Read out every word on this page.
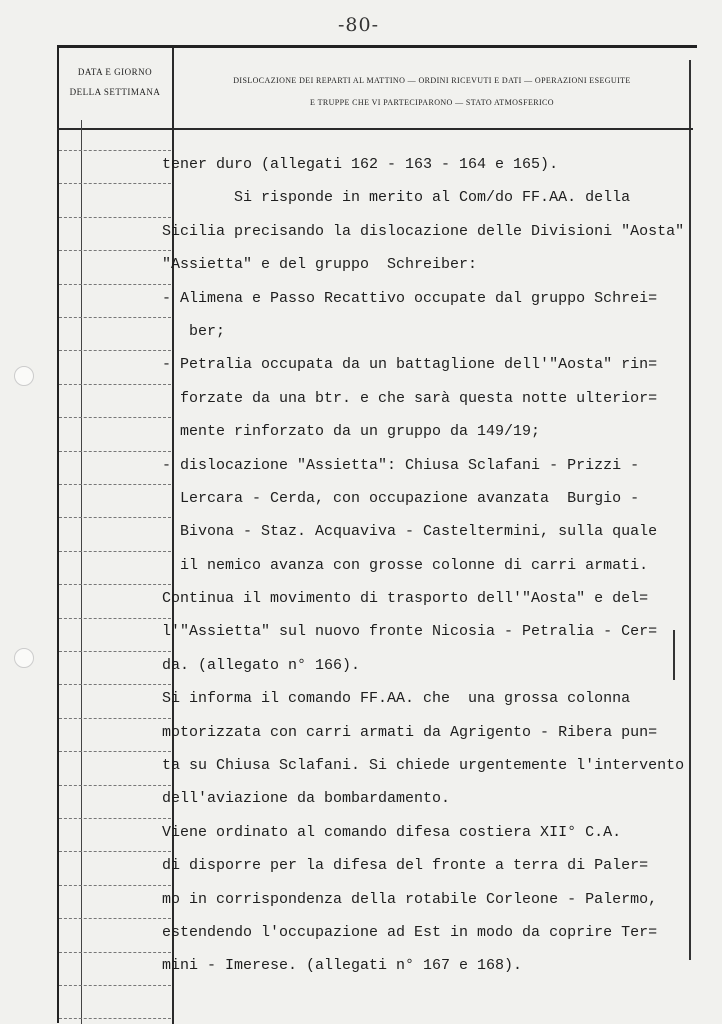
-80-
DATA E GIORNO
DELLA SETTIMANA
DISLOCAZIONE DEI REPARTI AL MATTINO — ORDINI RICEVUTI E DATI — OPERAZIONI ESEGUITE
E TRUPPE CHE VI PARTECIPARONO — STATO ATMOSFERICO
tener duro (allegati 162 - 163 - 164 e 165).
Si risponde in merito al Com/do FF.AA. della
Sicilia precisando la dislocazione delle Divisioni "Aosta"
"Assietta" e del gruppo  Schreiber:
- Alimena e Passo Recattivo occupate dal gruppo Schrei=
ber;
- Petralia occupata da un battaglione dell'"Aosta" rin=
forzate da una btr. e che sarà questa notte ulterior=
mente rinforzato da un gruppo da 149/19;
- dislocazione "Assietta": Chiusa Sclafani - Prizzi -
Lercara - Cerda, con occupazione avanzata  Burgio -
Bivona - Staz. Acquaviva - Casteltermini, sulla quale
il nemico avanza con grosse colonne di carri armati.
Continua il movimento di trasporto dell'"Aosta" e del=
l'"Assietta" sul nuovo fronte Nicosia - Petralia - Cer=
da. (allegato n° 166).
Si informa il comando FF.AA. che  una grossa colonna
motorizzata con carri armati da Agrigento - Ribera pun=
ta su Chiusa Sclafani. Si chiede urgentemente l'intervento
dell'aviazione da bombardamento.
Viene ordinato al comando difesa costiera XII° C.A.
di disporre per la difesa del fronte a terra di Paler=
mo in corrispondenza della rotabile Corleone - Palermo,
estendendo l'occupazione ad Est in modo da coprire Ter=
mini - Imerese. (allegati n° 167 e 168).
